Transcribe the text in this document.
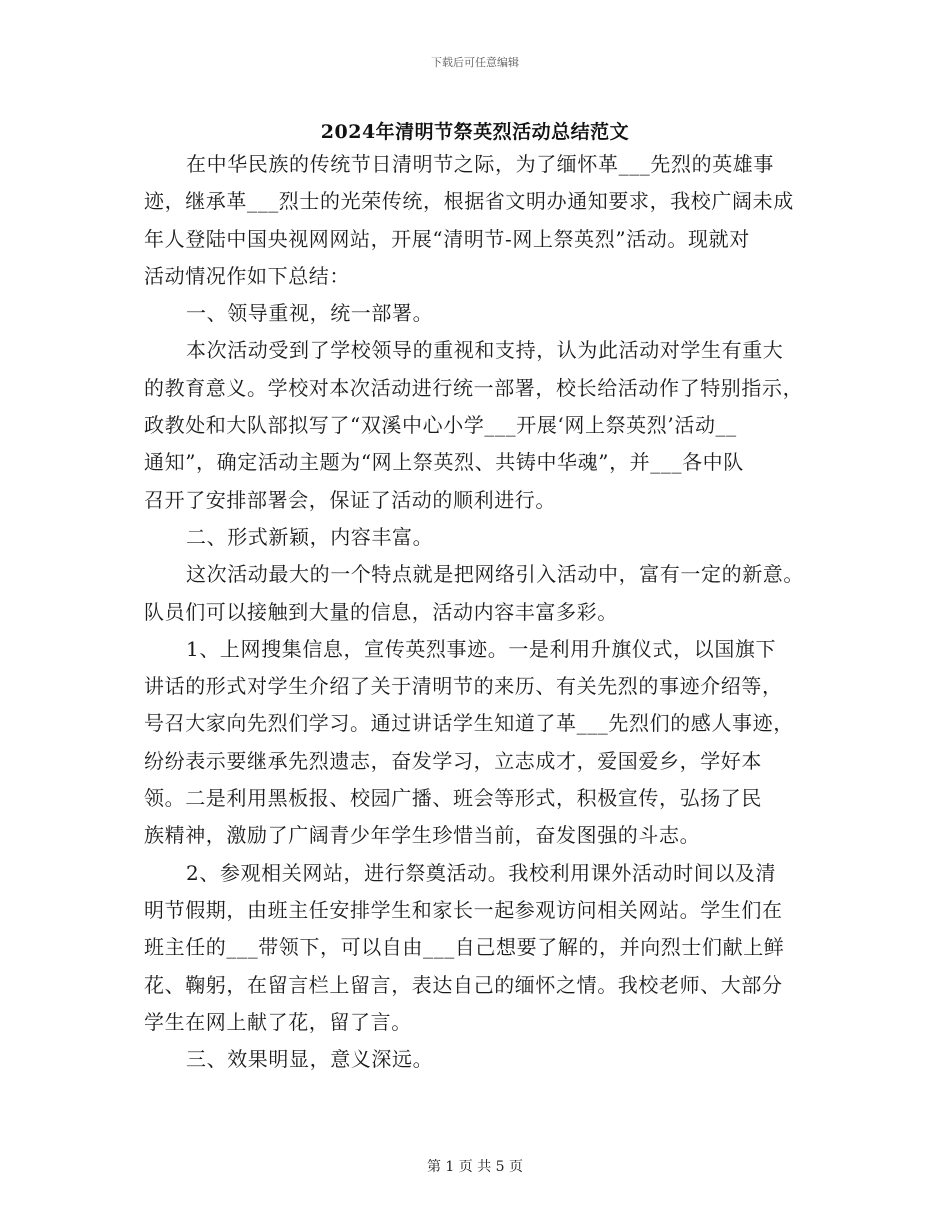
下载后可任意编辑
2024年清明节祭英烈活动总结范文
在中华民族的传统节日清明节之际，为了缅怀革___先烈的英雄事
迹，继承革___烈士的光荣传统，根据省文明办通知要求，我校广阔未成
年人登陆中国央视网网站，开展“清明节-网上祭英烈”活动。现就对
活动情况作如下总结：
一、领导重视，统一部署。
本次活动受到了学校领导的重视和支持，认为此活动对学生有重大
的教育意义。学校对本次活动进行统一部署，校长给活动作了特别指示，
政教处和大队部拟写了“双溪中心小学___开展‘网上祭英烈’活动__
通知”，确定活动主题为“网上祭英烈、共铸中华魂”，并___各中队
召开了安排部署会，保证了活动的顺利进行。
二、形式新颖，内容丰富。
这次活动最大的一个特点就是把网络引入活动中，富有一定的新意。
队员们可以接触到大量的信息，活动内容丰富多彩。
1、上网搜集信息，宣传英烈事迹。一是利用升旗仪式，以国旗下
讲话的形式对学生介绍了关于清明节的来历、有关先烈的事迹介绍等，
号召大家向先烈们学习。通过讲话学生知道了革___先烈们的感人事迹，
纷纷表示要继承先烈遗志，奋发学习，立志成才，爱国爱乡，学好本
领。二是利用黑板报、校园广播、班会等形式，积极宣传，弘扬了民
族精神，激励了广阔青少年学生珍惜当前，奋发图强的斗志。
2、参观相关网站，进行祭奠活动。我校利用课外活动时间以及清
明节假期，由班主任安排学生和家长一起参观访问相关网站。学生们在
班主任的___带领下，可以自由___自己想要了解的，并向烈士们献上鲜
花、鞠躬，在留言栏上留言，表达自己的缅怀之情。我校老师、大部分
学生在网上献了花，留了言。
三、效果明显，意义深远。
第 1 页 共 5 页
